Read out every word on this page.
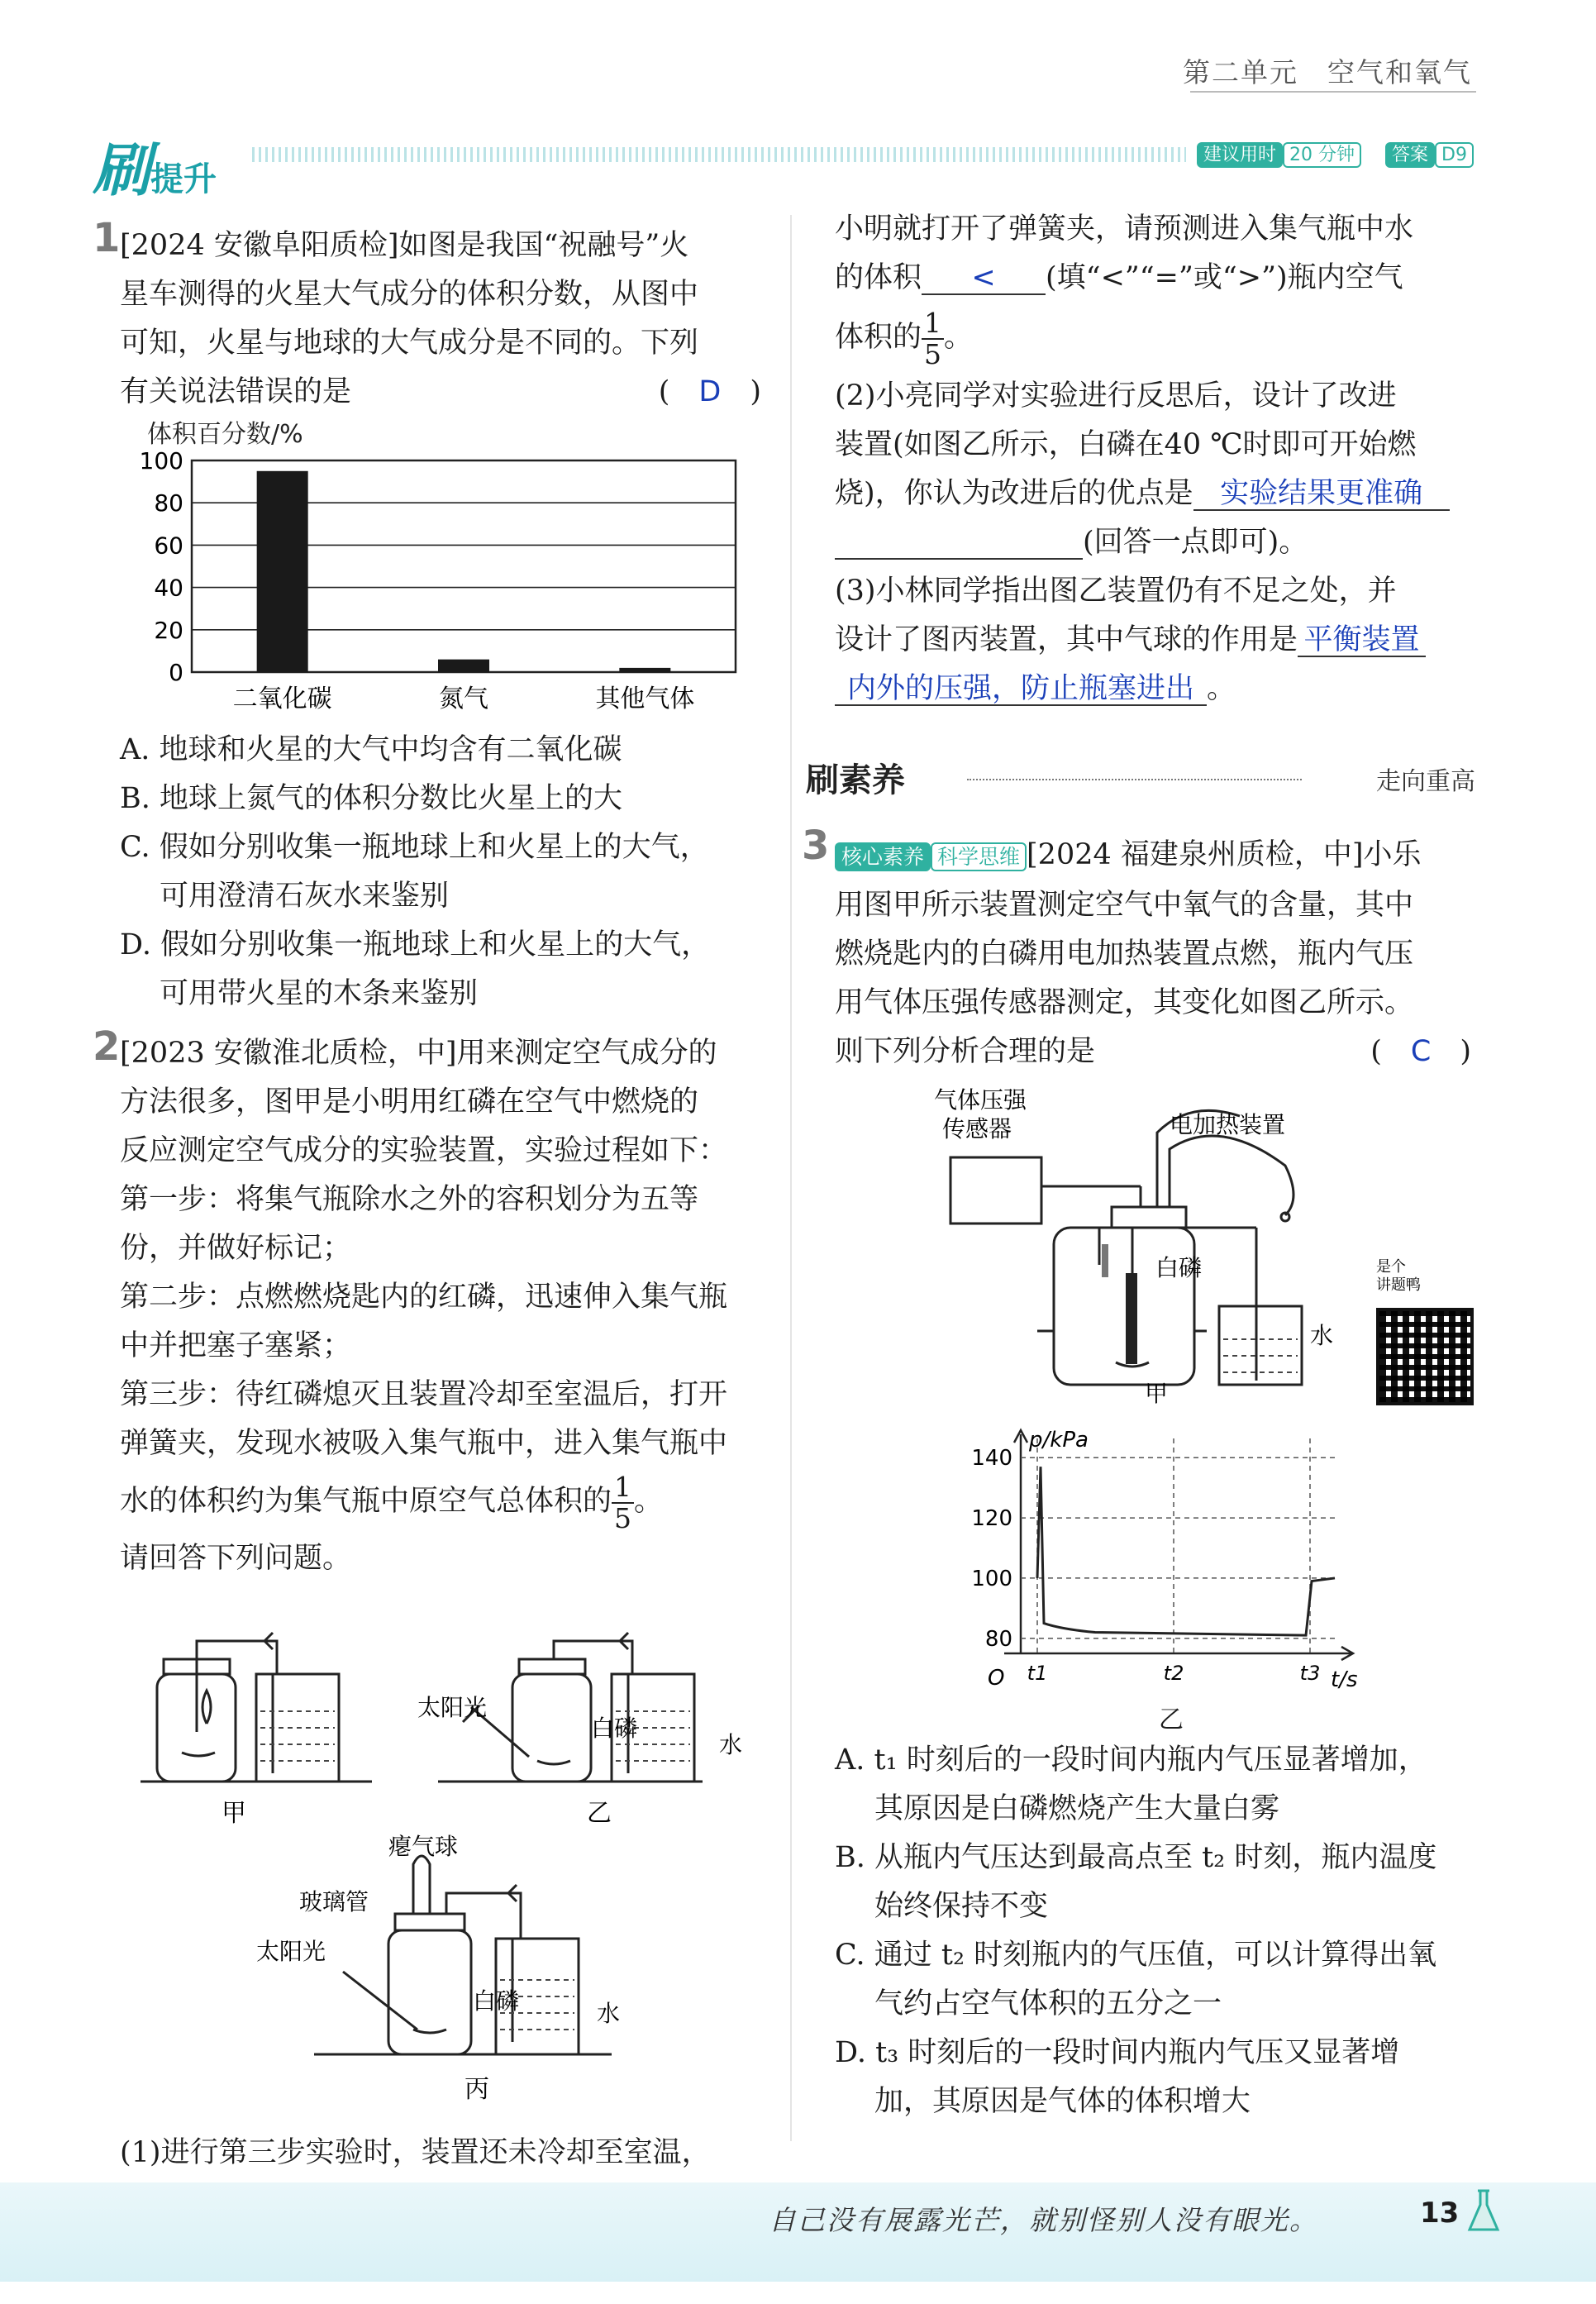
第二单元　空气和氧气
刷提升
建议用时 20 分钟	答案 D9
1 [2024 安徽阜阳质检]如图是我国“祝融号”火
星车测得的火星大气成分的体积分数，从图中
可知，火星与地球的大气成分是不同的。下列
有关说法错误的是	(　D　)
体积百分数/%
0
20
40
60
80
100
二氧化碳	氮气	其他气体
A. 地球和火星的大气中均含有二氧化碳
B. 地球上氮气的体积分数比火星上的大
C. 假如分别收集一瓶地球上和火星上的大气，
可用澄清石灰水来鉴别
D. 假如分别收集一瓶地球上和火星上的大气，
可用带火星的木条来鉴别
2 [2023 安徽淮北质检，中]用来测定空气成分的
方法很多，图甲是小明用红磷在空气中燃烧的
反应测定空气成分的实验装置，实验过程如下：
第一步：将集气瓶除水之外的容积划分为五等
份，并做好标记；
第二步：点燃燃烧匙内的红磷，迅速伸入集气瓶
中并把塞子塞紧；
第三步：待红磷熄灭且装置冷却至室温后，打开
弹簧夹，发现水被吸入集气瓶中，进入集气瓶中
水的体积约为集气瓶中原空气总体积的 $\frac{1}{5}$ 。
请回答下列问题。
甲	乙
太阳光
白磷
水
瘪气球
玻璃管
太阳光
白磷	水
丙
(1)进行第三步实验时，装置还未冷却至室温，
小明就打开了弹簧夹，请预测进入集气瓶中水
的体积 < (填“<”“=”或“>”)瓶内空气
体积的 $\frac{1}{5}$ 。
(2)小亮同学对实验进行反思后，设计了改进
装置(如图乙所示，白磷在40 ℃时即可开始燃
烧)，你认为改进后的优点是 实验结果更准确
(回答一点即可)。
(3)小林同学指出图乙装置仍有不足之处，并
设计了图丙装置，其中气球的作用是 平衡装置
内外的压强，防止瓶塞进出 。
刷素养	走向重高
3 核心素养 科学思维 [2024 福建泉州质检，中]小乐
用图甲所示装置测定空气中氧气的含量，其中
燃烧匙内的白磷用电加热装置点燃，瓶内气压
用气体压强传感器测定，其变化如图乙所示。
则下列分析合理的是	(　C　)
气体压强
传感器	电加热装置
白磷
水
甲
是个
讲题鸭
80
100
120
140
t1	t2	t3
p/kPa
t/s
O
乙
A. t₁ 时刻后的一段时间内瓶内气压显著增加，
其原因是白磷燃烧产生大量白雾
B. 从瓶内气压达到最高点至 t₂ 时刻，瓶内温度
始终保持不变
C. 通过 t₂ 时刻瓶内的气压值，可以计算得出氧
气约占空气体积的五分之一
D. t₃ 时刻后的一段时间内瓶内气压又显著增
加，其原因是气体的体积增大
自己没有展露光芒，就别怪别人没有眼光。	13
